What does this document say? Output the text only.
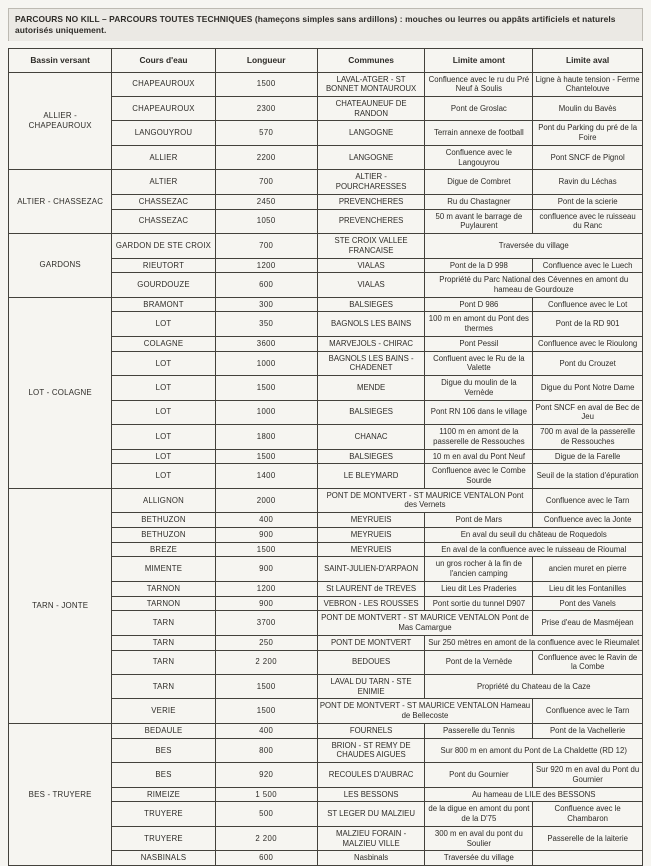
PARCOURS NO KILL – PARCOURS TOUTES TECHNIQUES (hameçons simples sans ardillons) : mouches ou leurres ou appâts artificiels et naturels autorisés uniquement.
Bassin versant	Cours d'eau	Longueur	Communes	Limite amont	Limite aval
ALLIER - CHAPEAUROUX	CHAPEAUROUX	1500	LAVAL-ATGER - ST BONNET MONTAUROUX	Confluence avec le ru du Pré Neuf à Soulis	Ligne à haute tension - Ferme Chantelouve
	CHAPEAUROUX	2300	CHATEAUNEUF DE RANDON	Pont de Groslac	Moulin du Bavès
	LANGOUYROU	570	LANGOGNE	Terrain annexe de football	Pont du Parking du pré de la Foire
	ALLIER	2200	LANGOGNE	Confluence avec le Langouyrou	Pont SNCF de Pignol
ALTIER - CHASSEZAC	ALTIER	700	ALTIER - POURCHARESSES	Digue de Combret	Ravin du Léchas
	CHASSEZAC	2450	PREVENCHERES	Ru du Chastagner	Pont de la scierie
	CHASSEZAC	1050	PREVENCHERES	50 m avant le barrage de Puylaurent	confluence avec le ruisseau du Ranc
GARDONS	GARDON DE STE CROIX	700	STE CROIX VALLEE FRANCAISE	Traversée du village	
	RIEUTORT	1200	VIALAS	Pont de la D 998	Confluence avec le Luech
	GOURDOUZE	600	VIALAS	Propriété du Parc National des Cévennes en amont du hameau de Gourdouze	
LOT - COLAGNE	BRAMONT	300	BALSIEGES	Pont D 986	Confluence avec le Lot
	LOT	350	BAGNOLS LES BAINS	100 m en amont du Pont des thermes	Pont de la RD 901
	COLAGNE	3600	MARVEJOLS - CHIRAC	Pont Pessil	Confluence avec le Rioulong
	LOT	1000	BAGNOLS LES BAINS - CHADENET	Confluent avec le Ru de la Valette	Pont du Crouzet
	LOT	1500	MENDE	Digue du moulin de la Vernède	Digue du Pont Notre Dame
	LOT	1000	BALSIEGES	Pont RN 106 dans le village	Pont SNCF en aval de Bec de Jeu
	LOT	1800	CHANAC	1100 m en amont de la passerelle de Ressouches	700 m aval de la passerelle de Ressouches
	LOT	1500	BALSIEGES	10 m en aval du Pont Neuf	Digue de la Farelle
	LOT	1400	LE BLEYMARD	Confluence avec le Combe Sourde	Seuil de la station d'épuration
TARN - JONTE	ALLIGNON	2000	PONT DE MONTVERT - ST MAURICE VENTALON Pont des Vernets		Confluence avec le Tarn
	BETHUZON	400	MEYRUEIS	Pont de Mars	Confluence avec la Jonte
	BETHUZON	900	MEYRUEIS	En aval du seuil du château de Roquedols	
	BREZE	1500	MEYRUEIS	En aval de la confluence avec le ruisseau de Rioumal	
	MIMENTE	900	SAINT-JULIEN-D'ARPAON	un gros rocher à la fin de l'ancien camping	ancien muret en pierre
	TARNON	1200	St LAURENT de TREVES	Lieu dit Les Praderies	Lieu dit les Fontanilles
	TARNON	900	VEBRON - LES ROUSSES	Pont sortie du tunnel D907	Pont des Vanels
	TARN	3700	PONT DE MONTVERT - ST MAURICE VENTALON Pont de Mas Camargue		Prise d'eau de Masméjean
	TARN	250	PONT DE MONTVERT	Sur 250 mètres en amont de la confluence avec le Rieumalet	
	TARN	2 200	BEDOUES	Pont de la Vernède	Confluence avec le Ravin de la Combe
	TARN	1500	LAVAL DU TARN - STE ENIMIE	Propriété du Chateau de la Caze	
	VERIE	1500	PONT DE MONTVERT - ST MAURICE VENTALON Hameau de Bellecoste		Confluence avec le Tarn
BES - TRUYERE	BEDAULE	400	FOURNELS	Passerelle du Tennis	Pont de la Vachellerie
	BES	800	BRION - ST REMY DE CHAUDES AIGUES	Sur 800 m en amont du Pont de La Chaldette (RD 12)	
	BES	920	RECOULES D'AUBRAC	Pont du Gournier	Sur 920 m en aval du Pont du Gournier
	RIMEIZE	1 500	LES BESSONS	Au hameau de LILE des BESSONS	
	TRUYERE	500	ST LEGER DU MALZIEU	de la digue en amont du pont de la D'75	Confluence avec le Chambaron
	TRUYERE	2 200	MALZIEU FORAIN - MALZIEU VILLE	300 m en aval du pont du Soulier	Passerelle de la laiterie
	NASBINALS	600	Nasbinals	Traversée du village	
